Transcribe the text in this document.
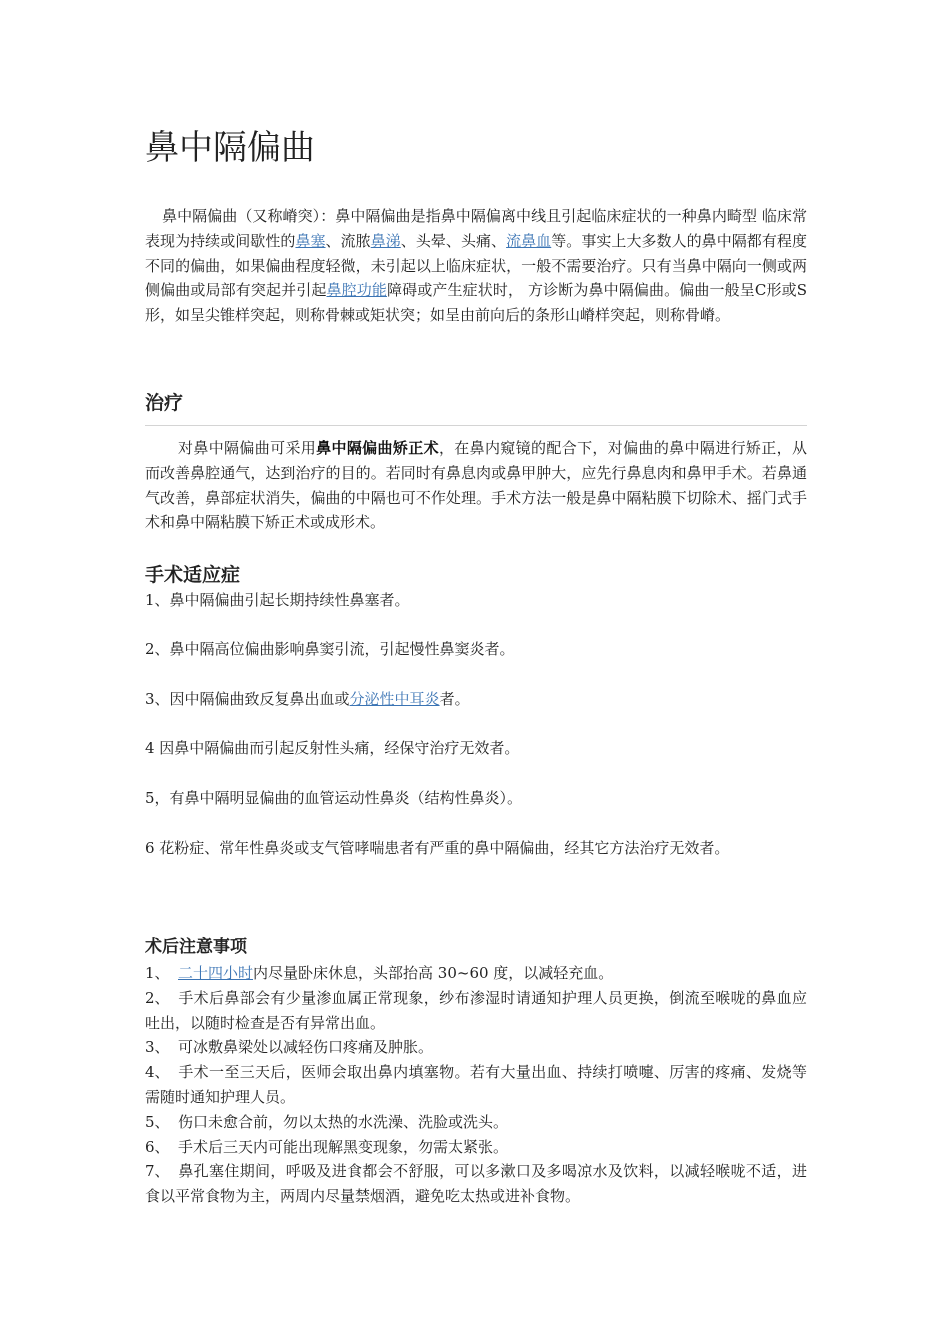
鼻中隔偏曲

鼻中隔偏曲（又称嵴突）：鼻中隔偏曲是指鼻中隔偏离中线且引起临床症状的一种鼻内畸型 临床常表现为持续或间歇性的鼻塞、流脓鼻涕、头晕、头痛、流鼻血等。事实上大多数人的鼻中隔都有程度不同的偏曲，如果偏曲程度轻微，未引起以上临床症状，一般不需要治疗。只有当鼻中隔向一侧或两侧偏曲或局部有突起并引起鼻腔功能障碍或产生症状时， 方诊断为鼻中隔偏曲。偏曲一般呈C形或S形，如呈尖锥样突起，则称骨棘或矩状突；如呈由前向后的条形山嵴样突起，则称骨嵴。

治疗

对鼻中隔偏曲可采用鼻中隔偏曲矫正术，在鼻内窥镜的配合下，对偏曲的鼻中隔进行矫正，从而改善鼻腔通气，达到治疗的目的。若同时有鼻息肉或鼻甲肿大，应先行鼻息肉和鼻甲手术。若鼻通气改善，鼻部症状消失，偏曲的中隔也可不作处理。手术方法一般是鼻中隔粘膜下切除术、摇门式手术和鼻中隔粘膜下矫正术或成形术。

手术适应症

1、鼻中隔偏曲引起长期持续性鼻塞者。

2、鼻中隔高位偏曲影响鼻窦引流，引起慢性鼻窦炎者。

3、因中隔偏曲致反复鼻出血或分泌性中耳炎者。

4 因鼻中隔偏曲而引起反射性头痛，经保守治疗无效者。

5，有鼻中隔明显偏曲的血管运动性鼻炎（结构性鼻炎）。

6 花粉症、常年性鼻炎或支气管哮喘患者有严重的鼻中隔偏曲，经其它方法治疗无效者。

术后注意事项
1、 二十四小时内尽量卧床休息，头部抬高 30~60 度，以减轻充血。
2、 手术后鼻部会有少量渗血属正常现象，纱布渗湿时请通知护理人员更换，倒流至喉咙的鼻血应吐出，以随时检查是否有异常出血。
3、 可冰敷鼻梁处以减轻伤口疼痛及肿胀。
4、 手术一至三天后，医师会取出鼻内填塞物。若有大量出血、持续打喷嚏、厉害的疼痛、发烧等需随时通知护理人员。
5、 伤口未愈合前，勿以太热的水洗澡、洗脸或洗头。
6、 手术后三天内可能出现解黑变现象，勿需太紧张。
7、 鼻孔塞住期间，呼吸及进食都会不舒服，可以多漱口及多喝凉水及饮料，以减轻喉咙不适，进食以平常食物为主，两周内尽量禁烟酒，避免吃太热或进补食物。
